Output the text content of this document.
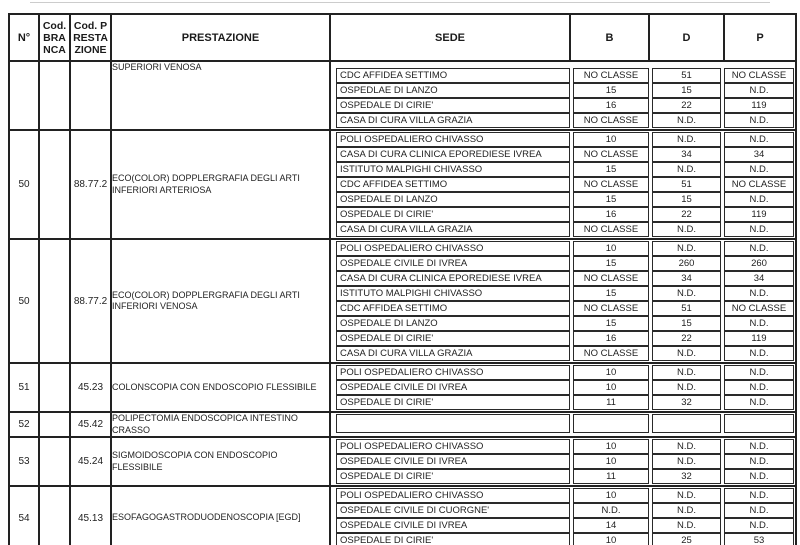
N°	Cod. BRANCA	Cod. PRESTAZIONE	PRESTAZIONE	SEDE	B	D	P
			SUPERIORI VENOSA	
CDC AFFIDEA SETTIMO	NO CLASSE	51	NO CLASSE
OSPEDLAE DI LANZO	15	15	N.D.
OSPEDALE DI CIRIE'	16	22	119
CASA DI CURA VILLA GRAZIA	NO CLASSE	N.D.	N.D.

50		88.77.2	ECO(COLOR) DOPPLERGRAFIA DEGLI ARTI INFERIORI ARTERIOSA	
POLI OSPEDALIERO CHIVASSO	10	N.D.	N.D.
CASA DI CURA CLINICA EPOREDIESE IVREA	NO CLASSE	34	34
ISTITUTO MALPIGHI CHIVASSO	15	N.D.	N.D.
CDC AFFIDEA SETTIMO	NO CLASSE	51	NO CLASSE
OSPEDALE DI LANZO	15	15	N.D.
OSPEDALE DI CIRIE'	16	22	119
CASA DI CURA VILLA GRAZIA	NO CLASSE	N.D.	N.D.

50		88.77.2	ECO(COLOR) DOPPLERGRAFIA DEGLI ARTI INFERIORI VENOSA	
POLI OSPEDALIERO CHIVASSO	10	N.D.	N.D.
OSPEDALE CIVILE DI IVREA	15	260	260
CASA DI CURA CLINICA EPOREDIESE IVREA	NO CLASSE	34	34
ISTITUTO MALPIGHI CHIVASSO	15	N.D.	N.D.
CDC AFFIDEA SETTIMO	NO CLASSE	51	NO CLASSE
OSPEDALE DI LANZO	15	15	N.D.
OSPEDALE DI CIRIE'	16	22	119
CASA DI CURA VILLA GRAZIA	NO CLASSE	N.D.	N.D.

51		45.23	COLONSCOPIA CON ENDOSCOPIO FLESSIBILE	
POLI OSPEDALIERO CHIVASSO	10	N.D.	N.D.
OSPEDALE CIVILE DI IVREA	10	N.D.	N.D.
OSPEDALE DI CIRIE'	11	32	N.D.

52		45.42	POLIPECTOMIA ENDOSCOPICA INTESTINO CRASSO				

53		45.24	SIGMOIDOSCOPIA CON ENDOSCOPIO FLESSIBILE	
POLI OSPEDALIERO CHIVASSO	10	N.D.	N.D.
OSPEDALE CIVILE DI IVREA	10	N.D.	N.D.
OSPEDALE DI CIRIE'	11	32	N.D.

54		45.13	ESOFAGOGASTRODUODENOSCOPIA [EGD]	
POLI OSPEDALIERO CHIVASSO	10	N.D.	N.D.
OSPEDALE CIVILE DI CUORGNE'	N.D.	N.D.	N.D.
OSPEDALE CIVILE DI IVREA	14	N.D.	N.D.
OSPEDALE DI CIRIE'	10	25	53
